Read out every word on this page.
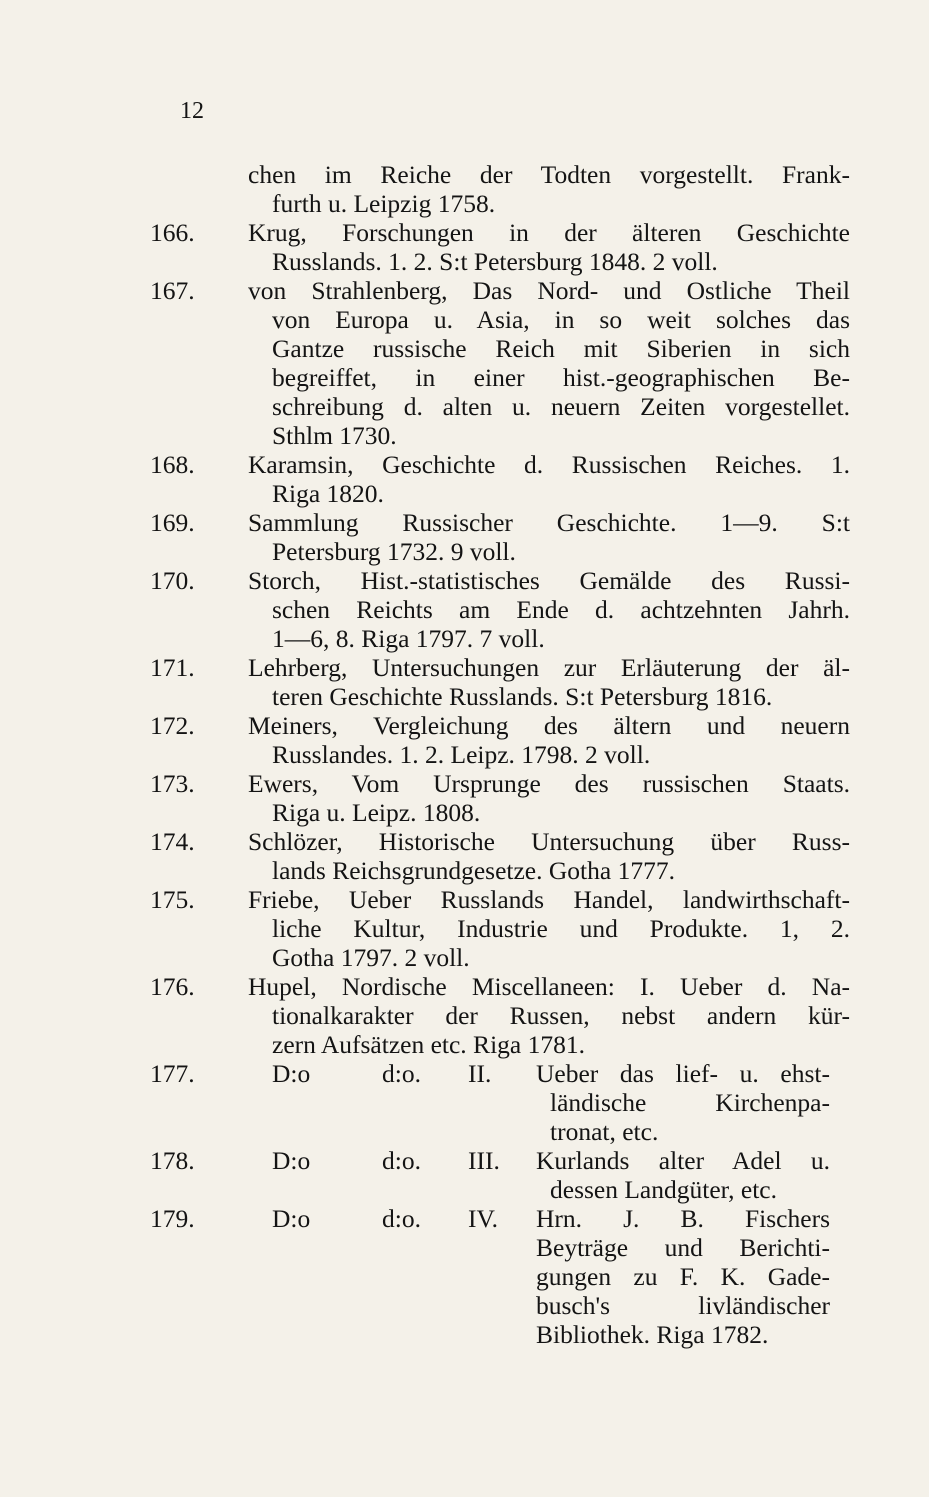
12
chen im Reiche der Todten vorgestellt. Frank-
furth u. Leipzig 1758.
166.	Krug, Forschungen in der älteren Geschichte
Russlands. 1. 2. S:t Petersburg 1848. 2 voll.
167.	von Strahlenberg, Das Nord- und Ostliche Theil
von Europa u. Asia, in so weit solches das
Gantze russische Reich mit Siberien in sich
begreiffet, in einer hist.-geographischen Be-
schreibung d. alten u. neuern Zeiten vorgestellet.
Sthlm 1730.
168.	Karamsin, Geschichte d. Russischen Reiches. 1.
Riga 1820.
169.	Sammlung Russischer Geschichte. 1—9. S:t
Petersburg 1732. 9 voll.
170.	Storch, Hist.-statistisches Gemälde des Russi-
schen Reichts am Ende d. achtzehnten Jahrh.
1—6, 8. Riga 1797. 7 voll.
171.	Lehrberg, Untersuchungen zur Erläuterung der äl-
teren Geschichte Russlands. S:t Petersburg 1816.
172.	Meiners, Vergleichung des ältern und neuern
Russlandes. 1. 2. Leipz. 1798. 2 voll.
173.	Ewers, Vom Ursprunge des russischen Staats.
Riga u. Leipz. 1808.
174.	Schlözer, Historische Untersuchung über Russ-
lands Reichsgrundgesetze. Gotha 1777.
175.	Friebe, Ueber Russlands Handel, landwirthschaft-
liche Kultur, Industrie und Produkte. 1, 2.
Gotha 1797. 2 voll.
176.	Hupel, Nordische Miscellaneen: I. Ueber d. Na-
tionalkarakter der Russen, nebst andern kür-
zern Aufsätzen etc. Riga 1781.
177.	D:o	d:o. II. Ueber das lief- u. ehst-
ländische Kirchenpa-
tronat, etc.
178.	D:o	d:o. III. Kurlands alter Adel u.
dessen Landgüter, etc.
179.	D:o	d:o. IV. Hrn. J. B. Fischers
Beyträge und Berichti-
gungen zu F. K. Gade-
busch's livländischer
Bibliothek. Riga 1782.
